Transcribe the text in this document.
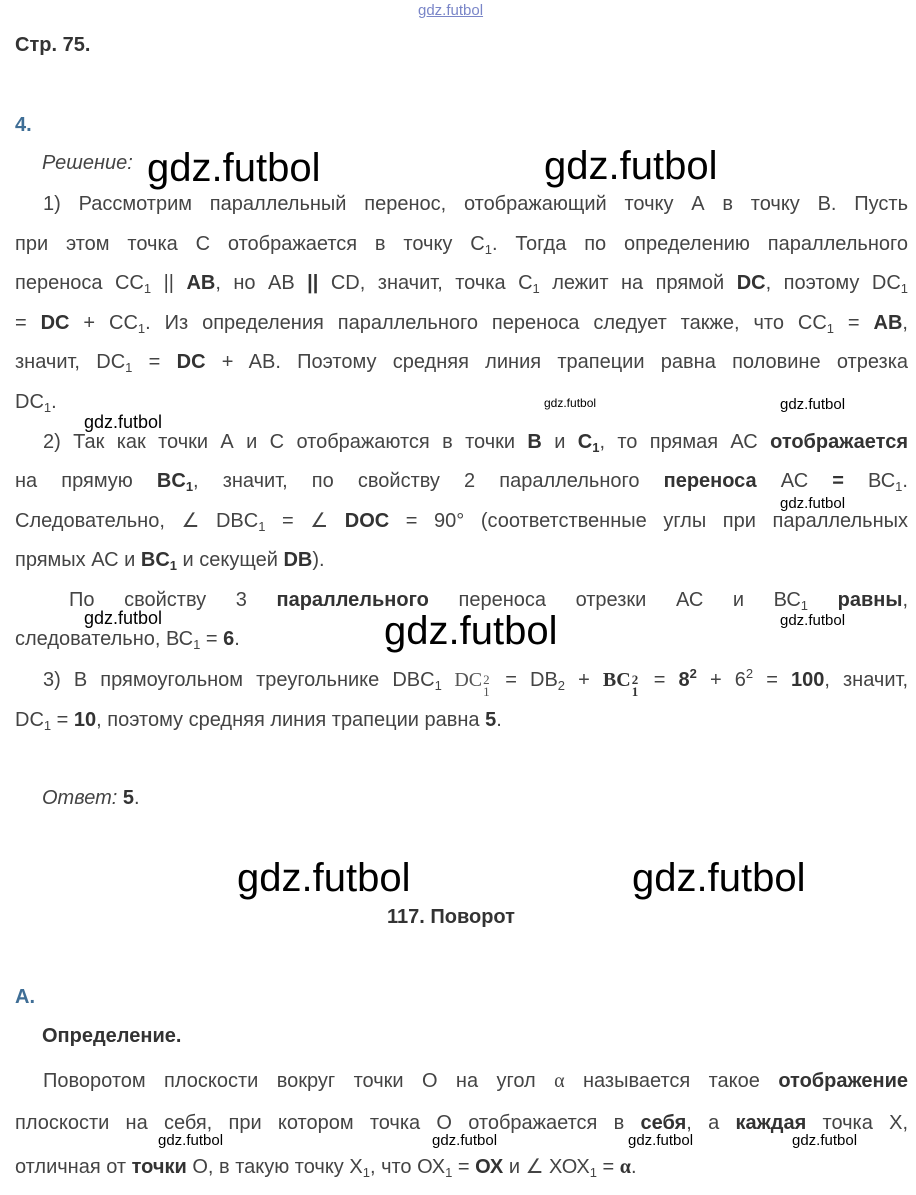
gdz.futbol
Стр. 75.
4.
Решение:
1) Рассмотрим параллельный перенос, отображающий точку А в точку В. Пусть
при этом точка С отображается в точку $С_1$. Тогда по определению параллельного
переноса $СС_1$ || AB, но АВ || CD, значит, точка $С_1$ лежит на прямой DC, поэтому $DC_1$
= DC + $CC_1$. Из определения параллельного переноса следует также, что $СС_1$ = АВ,
значит, $DC_1$ = DC + AB. Поэтому средняя линия трапеции равна половине отрезка
$DC_1$.
2) Так как точки А и С отображаются в точки B и $C_1$, то прямая АС отображается
на прямую $BC_1$, значит, по свойству 2 параллельного переноса АС = $ВС_1$.
Следовательно, ∠ $DBC_1$ = ∠ DOC = 90° (соответственные углы при параллельных
прямых АС и $BC_1$ и секущей DB).
По свойству 3 параллельного переноса отрезки АС и $ВС_1$ равны,
следовательно, $ВС_1 = 6$.
3) В прямоугольном треугольнике $DBC_1$ DC 2
1
= $DB_2$ + BC 2
1
= $8^2 + 6^2 = 100$, значит,
$DC_1 = 10$, поэтому средняя линия трапеции равна 5.
Ответ: 5.
117. Поворот
А.
Определение.
Поворотом плоскости вокруг точки О на угол α называется такое отображение
плоскости на себя, при котором точка О отображается в себя, а каждая точка Х,
отличная от точки О, в такую точку $Х_1$, что $ОХ_1$ = ОХ и ∠ $ХОХ_1 = \alpha$.
gdz.futbol	gdz.futbol
gdz.futbol
gdz.futbol	gdz.futbol
gdz.futbol
gdz.futbol	gdz.futbol
gdz.futbol
gdz.futbol	gdz.futbol
gdz.futbol	gdz.futbol	gdz.futbol	gdz.futbol
